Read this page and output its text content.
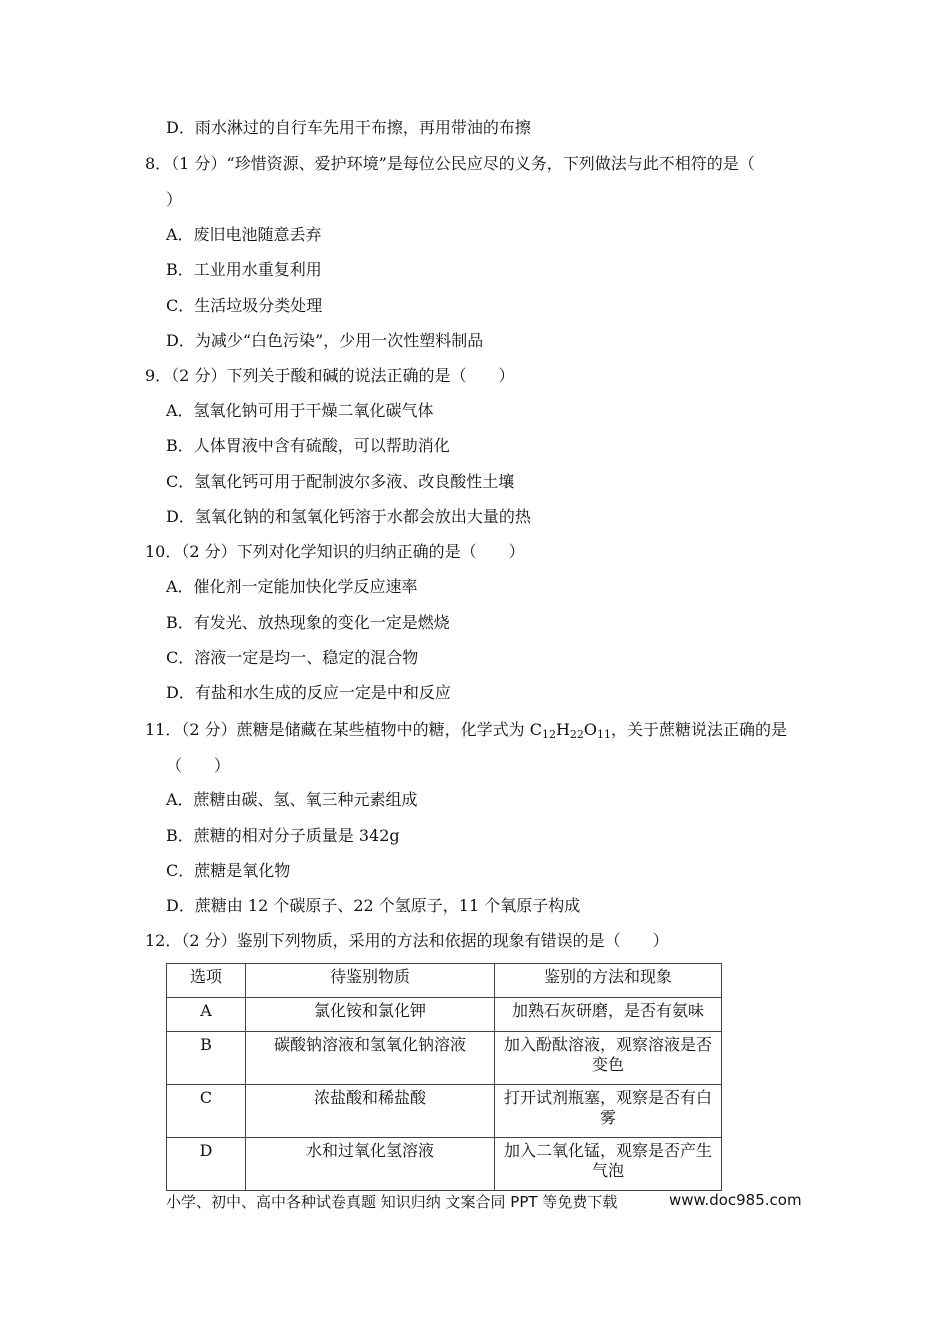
D．雨水淋过的自行车先用干布擦，再用带油的布擦
8．（1 分）“珍惜资源、爱护环境”是每位公民应尽的义务，下列做法与此不相符的是（
）
A．废旧电池随意丢弃
B．工业用水重复利用
C．生活垃圾分类处理
D．为减少“白色污染”，少用一次性塑料制品
9．（2 分）下列关于酸和碱的说法正确的是（　　）
A．氢氧化钠可用于干燥二氧化碳气体
B．人体胃液中含有硫酸，可以帮助消化
C．氢氧化钙可用于配制波尔多液、改良酸性土壤
D．氢氧化钠的和氢氧化钙溶于水都会放出大量的热
10．（2 分）下列对化学知识的归纳正确的是（　　）
A．催化剂一定能加快化学反应速率
B．有发光、放热现象的变化一定是燃烧
C．溶液一定是均一、稳定的混合物
D．有盐和水生成的反应一定是中和反应
11．（2 分）蔗糖是储藏在某些植物中的糖，化学式为 $C_{12}H_{22}O_{11}$，关于蔗糖说法正确的是
（　　）
A．蔗糖由碳、氢、氧三种元素组成
B．蔗糖的相对分子质量是 342g
C．蔗糖是氧化物
D．蔗糖由 12 个碳原子、22 个氢原子，11 个氧原子构成
12．（2 分）鉴别下列物质，采用的方法和依据的现象有错误的是（　　）
选项	待鉴别物质	鉴别的方法和现象
A	氯化铵和氯化钾	加熟石灰研磨，是否有氨味
B	碳酸钠溶液和氢氧化钠溶液	加入酚酞溶液，观察溶液是否变色
C	浓盐酸和稀盐酸	打开试剂瓶塞，观察是否有白雾
D	水和过氧化氢溶液	加入二氧化锰，观察是否产生气泡
小学、初中、高中各种试卷真题 知识归纳 文案合同 PPT 等免费下载	www.doc985.com
